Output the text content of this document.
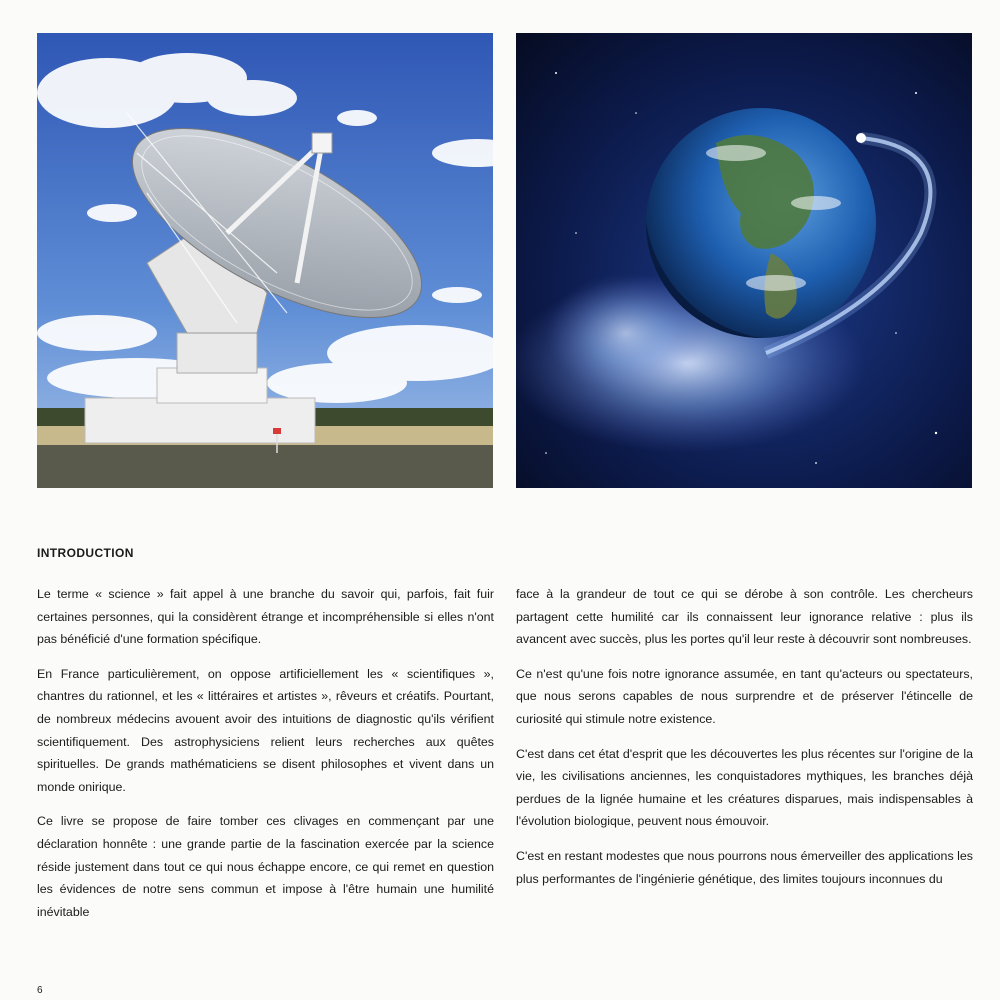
INTRODUCTION

Le terme « science » fait appel à une branche du savoir qui, parfois, fait fuir certaines personnes, qui la considèrent étrange et incompréhensible si elles n'ont pas bénéficié d'une formation spécifique.

En France particulièrement, on oppose artificiellement les « scientifiques », chantres du rationnel, et les « littéraires et artistes », rêveurs et créatifs. Pourtant, de nombreux médecins avouent avoir des intuitions de diagnostic qu'ils vérifient scientifiquement. Des astrophysiciens relient leurs recherches aux quêtes spirituelles. De grands mathématiciens se disent philosophes et vivent dans un monde onirique.

Ce livre se propose de faire tomber ces clivages en commençant par une déclaration honnête : une grande partie de la fascination exercée par la science réside justement dans tout ce qui nous échappe encore, ce qui remet en question les évidences de notre sens commun et impose à l'être humain une humilité inévitable

face à la grandeur de tout ce qui se dérobe à son contrôle. Les chercheurs partagent cette humilité car ils connaissent leur ignorance relative : plus ils avancent avec succès, plus les portes qu'il leur reste à découvrir sont nombreuses.

Ce n'est qu'une fois notre ignorance assumée, en tant qu'acteurs ou spectateurs, que nous serons capables de nous surprendre et de préserver l'étincelle de curiosité qui stimule notre existence.

C'est dans cet état d'esprit que les découvertes les plus récentes sur l'origine de la vie, les civilisations anciennes, les conquistadores mythiques, les branches déjà perdues de la lignée humaine et les créatures disparues, mais indispensables à l'évolution biologique, peuvent nous émouvoir.

C'est en restant modestes que nous pourrons nous émerveiller des applications les plus performantes de l'ingénierie génétique, des limites toujours inconnues du

6
